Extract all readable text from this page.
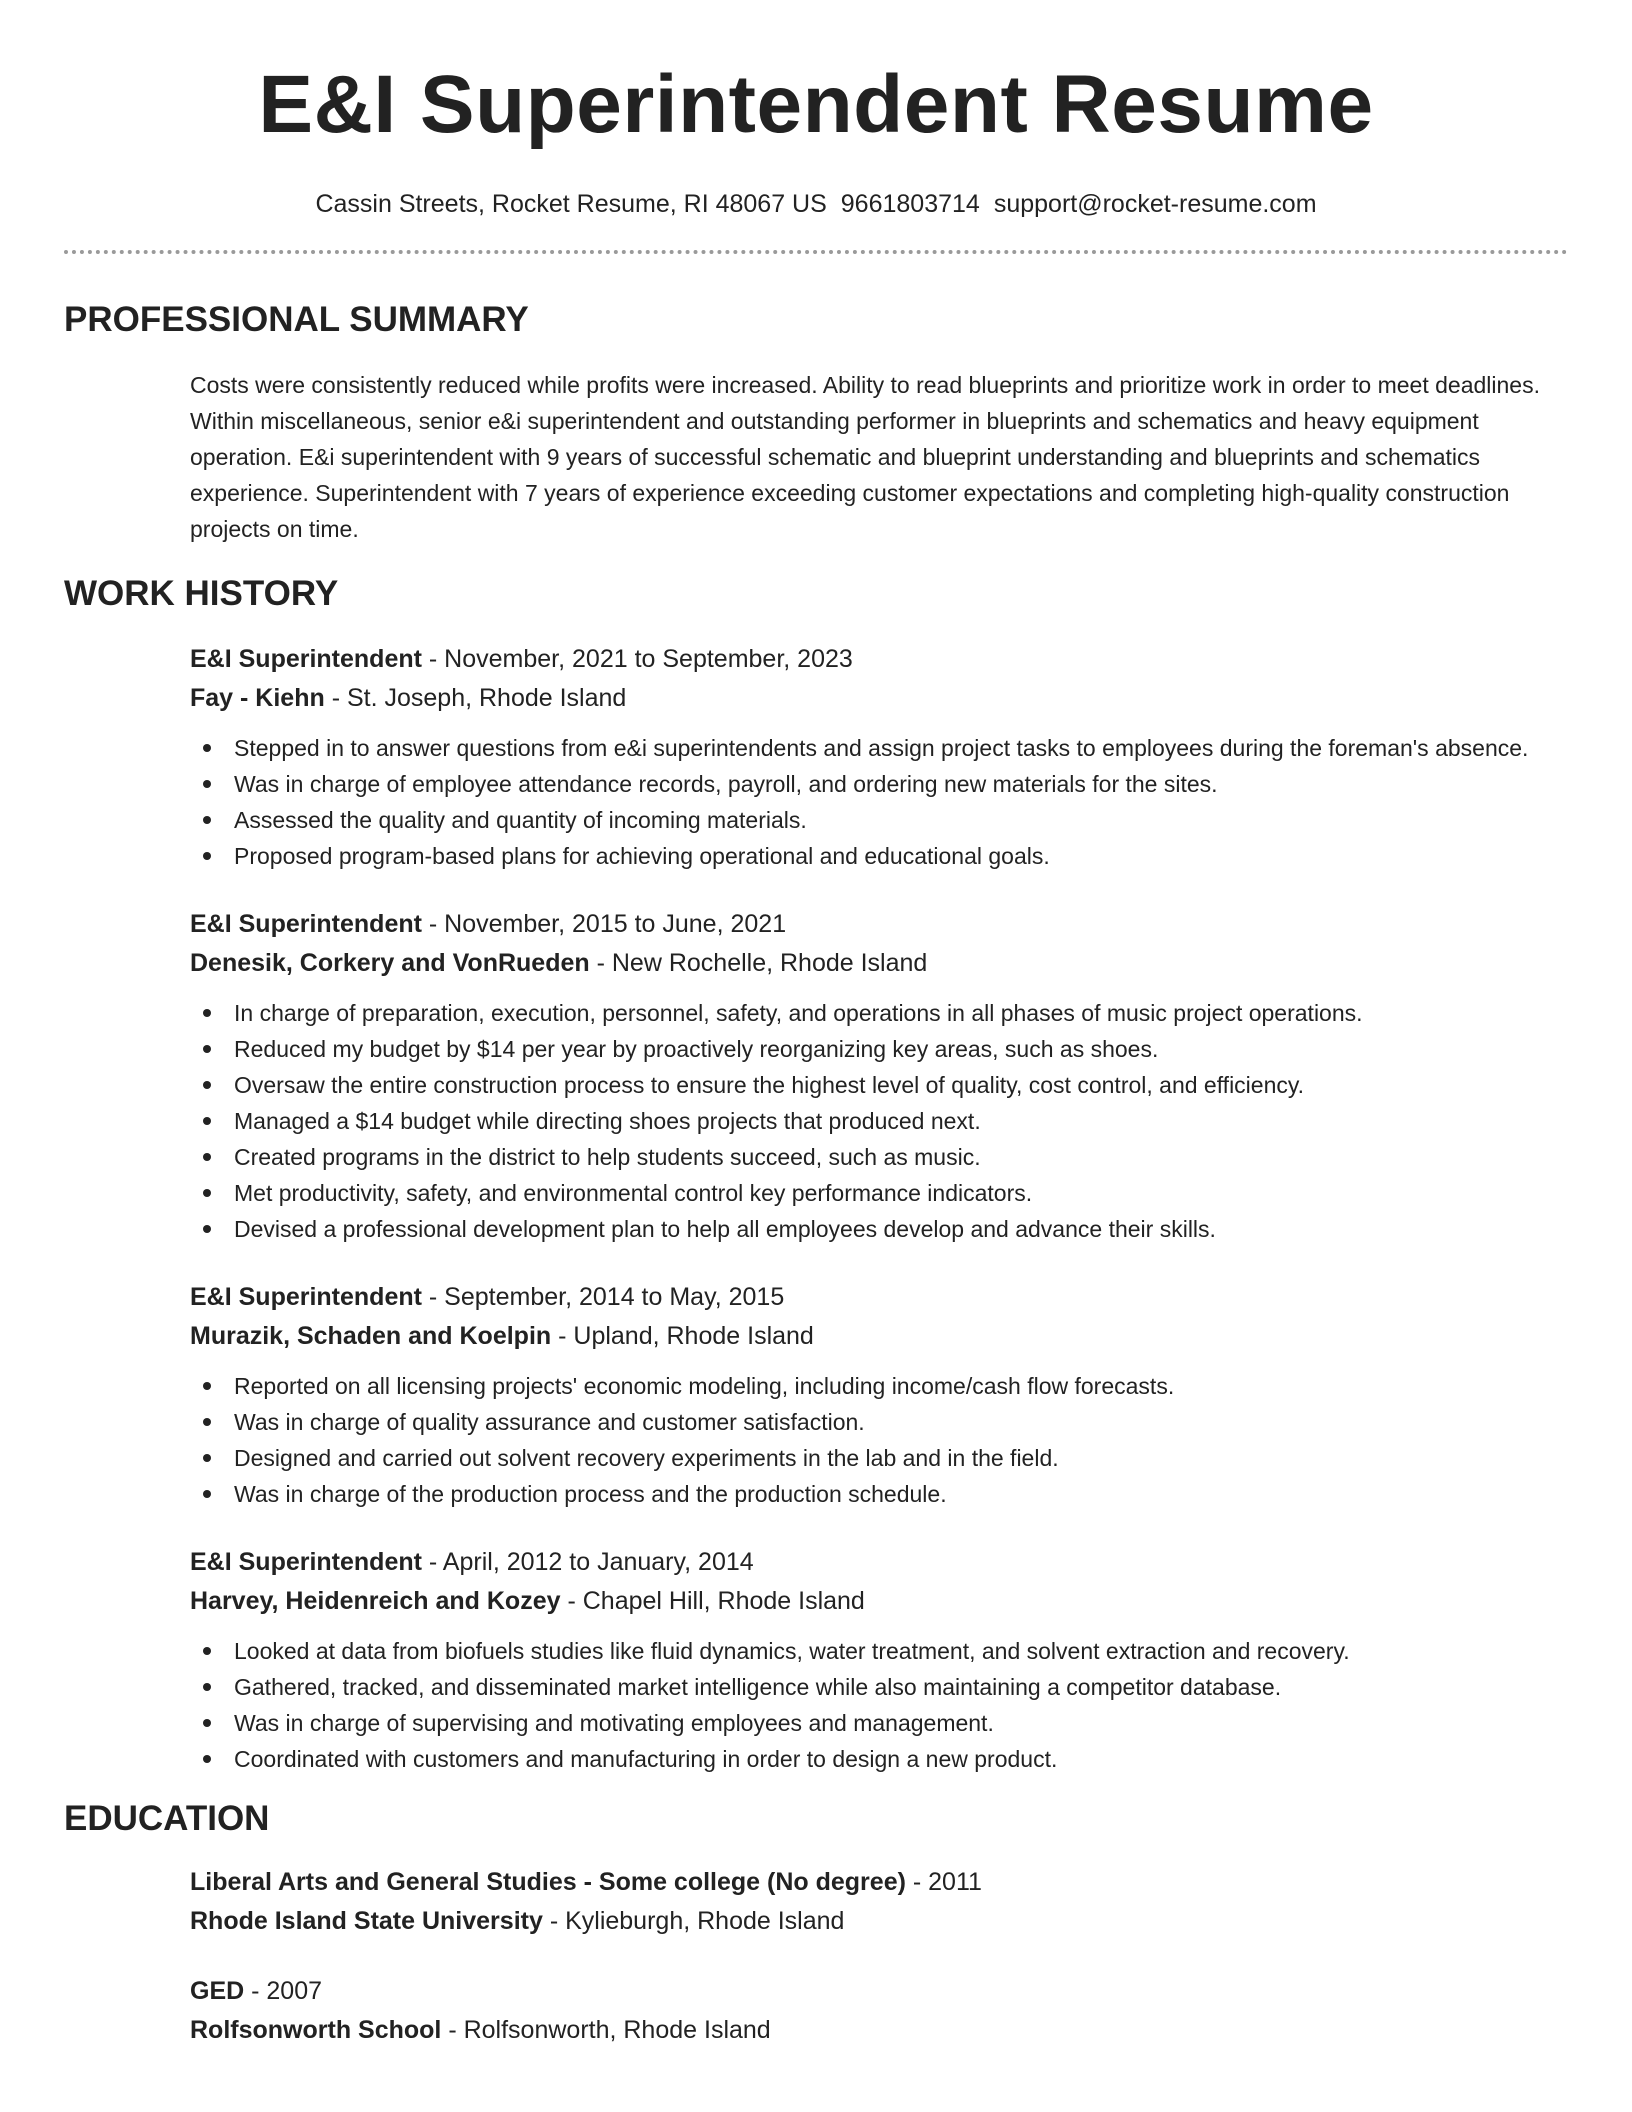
E&I Superintendent Resume
Cassin Streets, Rocket Resume, RI 48067 US 9661803714 support@rocket-resume.com
PROFESSIONAL SUMMARY

Costs were consistently reduced while profits were increased. Ability to read blueprints and prioritize work in order to meet deadlines. Within miscellaneous, senior e&i superintendent and outstanding performer in blueprints and schematics and heavy equipment operation. E&i superintendent with 9 years of successful schematic and blueprint understanding and blueprints and schematics experience. Superintendent with 7 years of experience exceeding customer expectations and completing high-quality construction projects on time.

WORK HISTORY
E&I Superintendent - November, 2021 to September, 2023
Fay - Kiehn - St. Joseph, Rhode Island
Stepped in to answer questions from e&i superintendents and assign project tasks to employees during the foreman's absence.
Was in charge of employee attendance records, payroll, and ordering new materials for the sites.
Assessed the quality and quantity of incoming materials.
Proposed program-based plans for achieving operational and educational goals.
E&I Superintendent - November, 2015 to June, 2021
Denesik, Corkery and VonRueden - New Rochelle, Rhode Island
In charge of preparation, execution, personnel, safety, and operations in all phases of music project operations.
Reduced my budget by $14 per year by proactively reorganizing key areas, such as shoes.
Oversaw the entire construction process to ensure the highest level of quality, cost control, and efficiency.
Managed a $14 budget while directing shoes projects that produced next.
Created programs in the district to help students succeed, such as music.
Met productivity, safety, and environmental control key performance indicators.
Devised a professional development plan to help all employees develop and advance their skills.
E&I Superintendent - September, 2014 to May, 2015
Murazik, Schaden and Koelpin - Upland, Rhode Island
Reported on all licensing projects' economic modeling, including income/cash flow forecasts.
Was in charge of quality assurance and customer satisfaction.
Designed and carried out solvent recovery experiments in the lab and in the field.
Was in charge of the production process and the production schedule.
E&I Superintendent - April, 2012 to January, 2014
Harvey, Heidenreich and Kozey - Chapel Hill, Rhode Island
Looked at data from biofuels studies like fluid dynamics, water treatment, and solvent extraction and recovery.
Gathered, tracked, and disseminated market intelligence while also maintaining a competitor database.
Was in charge of supervising and motivating employees and management.
Coordinated with customers and manufacturing in order to design a new product.
EDUCATION
Liberal Arts and General Studies - Some college (No degree) - 2011
Rhode Island State University - Kylieburgh, Rhode Island
GED - 2007
Rolfsonworth School - Rolfsonworth, Rhode Island
